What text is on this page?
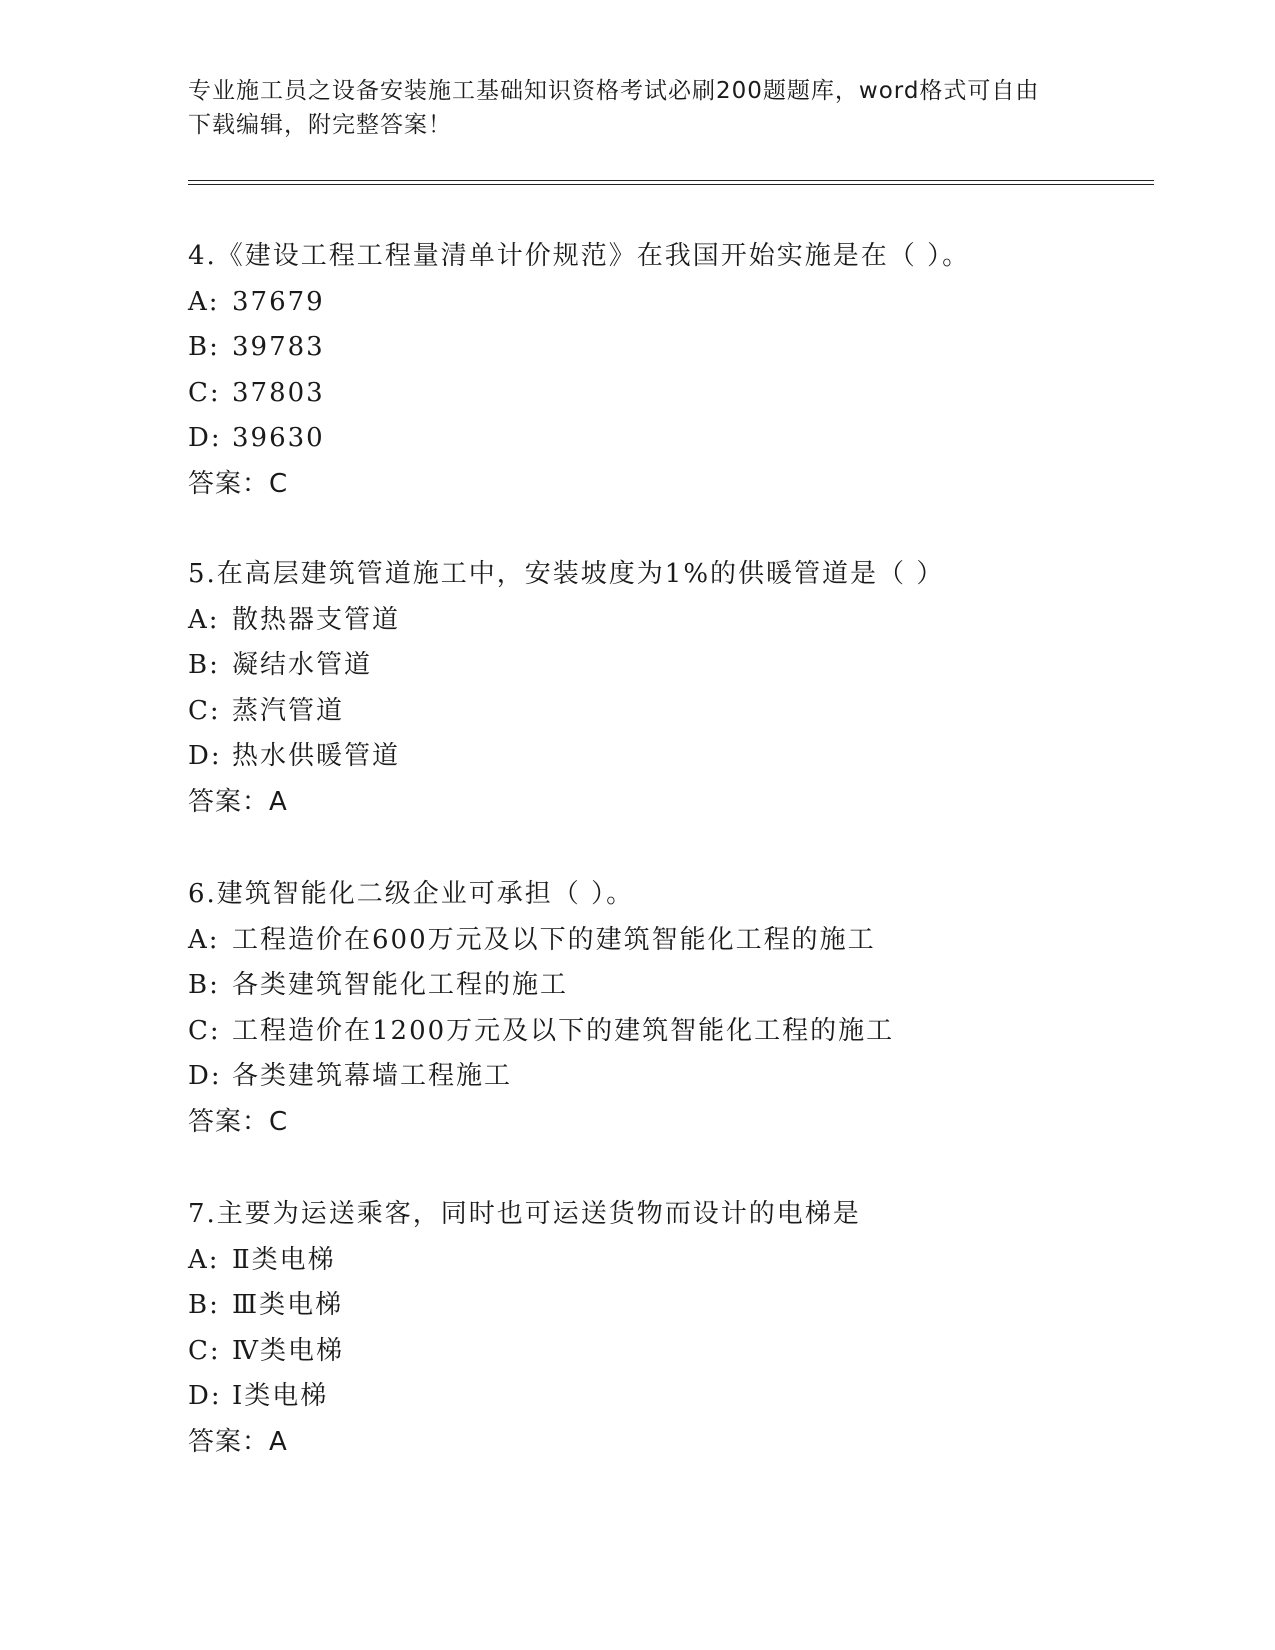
专业施工员之设备安装施工基础知识资格考试必刷200题题库，word格式可自由
下载编辑，附完整答案！
4.《建设工程工程量清单计价规范》在我国开始实施是在（ ）。
A: 37679
B: 39783
C: 37803
D: 39630
答案：C
5.在高层建筑管道施工中，安装坡度为1%的供暖管道是（ ）
A: 散热器支管道
B: 凝结水管道
C: 蒸汽管道
D: 热水供暖管道
答案：A
6.建筑智能化二级企业可承担（ ）。
A: 工程造价在600万元及以下的建筑智能化工程的施工
B: 各类建筑智能化工程的施工
C: 工程造价在1200万元及以下的建筑智能化工程的施工
D: 各类建筑幕墙工程施工
答案：C
7.主要为运送乘客，同时也可运送货物而设计的电梯是
A: Ⅱ类电梯
B: Ⅲ类电梯
C: Ⅳ类电梯
D: Ⅰ类电梯
答案：A
